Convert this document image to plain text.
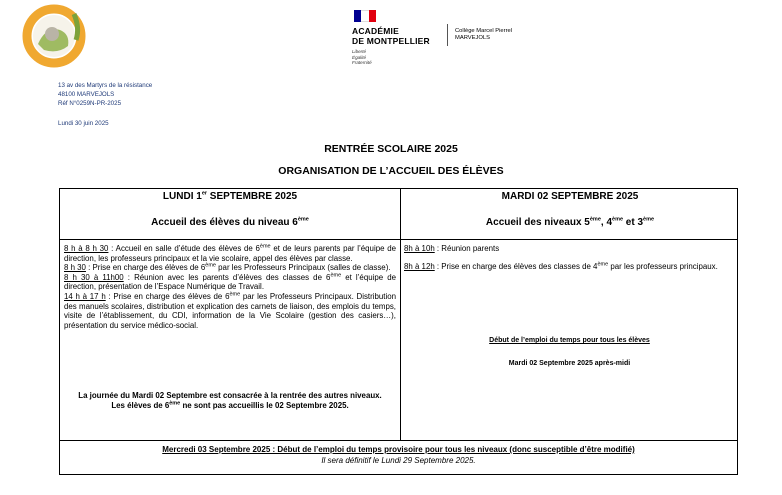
ACADÉMIE
DE MONTPELLIER
Liberté
Égalité
Fraternité
Collège Marcel Pierrel
MARVEJOLS
13 av des Martyrs de la résistance
48100 MARVEJOLS
Réf N°0259N-PR-2025
Lundi 30 juin 2025
RENTRÉE SCOLAIRE 2025
ORGANISATION DE L’ACCUEIL DES ÉLÈVES
LUNDI 1er SEPTEMBRE 2025
Accueil des élèves du niveau 6ème
MARDI 02 SEPTEMBRE 2025
Accueil des niveaux 5ème, 4ème et 3ème

8 h à 8 h 30 : Accueil en salle d’étude des élèves de 6ème et de leurs parents par l’équipe de direction, les professeurs principaux et la vie scolaire, appel des élèves par classe.

8 h 30 : Prise en charge des élèves de 6ème par les Professeurs Principaux (salles de classe).

8 h 30 à 11h00 : Réunion avec les parents d’élèves des classes de 6ème et l’équipe de direction, présentation de l’Espace Numérique de Travail.

14 h à 17 h : Prise en charge des élèves de 6ème par les Professeurs Principaux. Distribution des manuels scolaires, distribution et explication des carnets de liaison, des emplois du temps, visite de l’établissement, du CDI, information de la Vie Scolaire (gestion des casiers…), présentation du service médico-social.

La journée du Mardi 02 Septembre est consacrée à la rentrée des autres niveaux.
Les élèves de 6ème ne sont pas accueillis le 02 Septembre 2025.

8h à 10h : Réunion parents

8h à 12h : Prise en charge des élèves des classes de 4ème par les professeurs principaux.

Début de l’emploi du temps pour tous les élèves
Mardi 02 Septembre 2025 après-midi
Mercredi 03 Septembre 2025 : Début de l’emploi du temps provisoire pour tous les niveaux (donc susceptible d’être modifié)
Il sera définitif le Lundi 29 Septembre 2025.
